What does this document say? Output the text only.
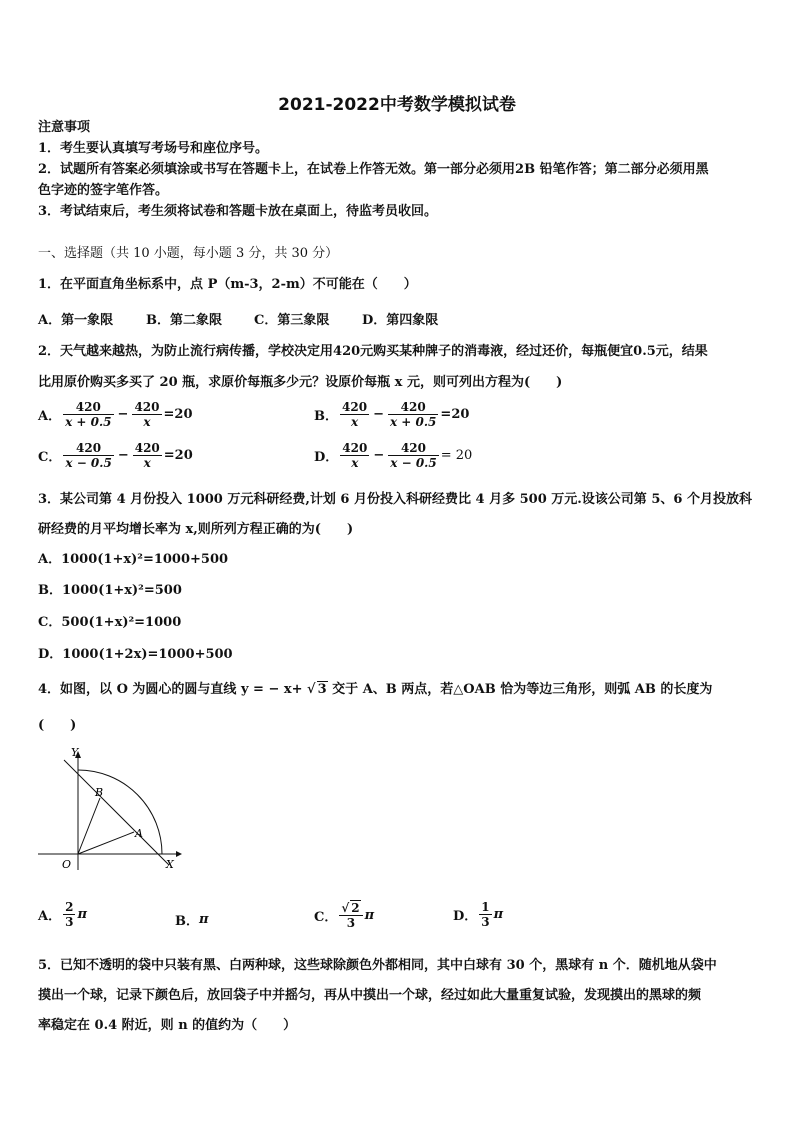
2021-2022中考数学模拟试卷
注意事项
1．考生要认真填写考场号和座位序号。
2．试题所有答案必须填涂或书写在答题卡上，在试卷上作答无效。第一部分必须用2B 铅笔作答；第二部分必须用黑
色字迹的签字笔作答。
3．考试结束后，考生须将试卷和答题卡放在桌面上，待监考员收回。
一、选择题（共 10 小题，每小题 3 分，共 30 分）
1．在平面直角坐标系中，点 P（m-3，2-m）不可能在（　　）
A．第一象限	B．第二象限 C．第三象限	D．第四象限
2．天气越来越热，为防止流行病传播，学校决定用420元购买某种牌子的消毒液，经过还价，每瓶便宜0.5元，结果
比用原价购买多买了 20 瓶，求原价每瓶多少元？设原价每瓶 x 元，则可列出方程为(　　)
A． $\frac{420}{x + 0.5} - \frac{420}{x} =20$	B． $\frac{420}{x} - \frac{420}{x + 0.5} =20$
C． $\frac{420}{x - 0.5} - \frac{420}{x} =20$	D． $\frac{420}{x} - \frac{420}{x - 0.5} = 20$
3．某公司第 4 月份投入 1000 万元科研经费,计划 6 月份投入科研经费比 4 月多 500 万元.设该公司第 5、6 个月投放科
研经费的月平均增长率为 x,则所列方程正确的为(　　)
A．1000(1+x)²=1000+500
B．1000(1+x)²=500
C．500(1+x)²=1000
D．1000(1+2x)=1000+500
4．如图，以 O 为圆心的圆与直线 y = − x+ √ 3 交于 A、B 两点，若△OAB 恰为等边三角形，则弧 AB 的长度为
(　　)
Y
X
O
A
B
A． $\frac{2}{3}$ π	B． π	C． $\frac{√ 2}{3}$ π	D． $\frac{1}{3}$ π
5．已知不透明的袋中只装有黑、白两种球，这些球除颜色外都相同，其中白球有 30 个，黑球有 n 个．随机地从袋中
摸出一个球，记录下颜色后，放回袋子中并摇匀，再从中摸出一个球，经过如此大量重复试验，发现摸出的黑球的频
率稳定在 0.4 附近，则 n 的值约为（　　）
